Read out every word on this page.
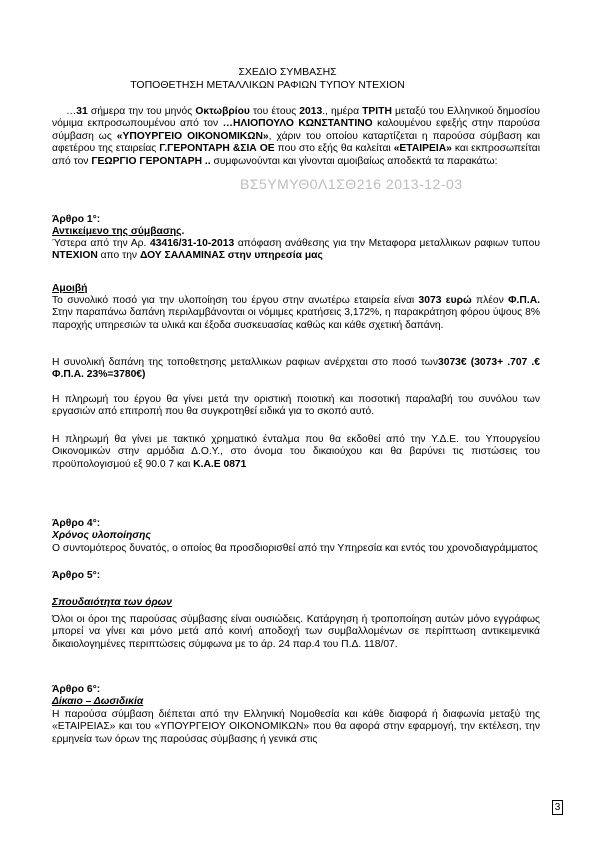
ΣΧΕΔΙΟ ΣΥΜΒΑΣΗΣ
ΤΟΠΟΘΕΤΗΣΗ ΜΕΤΑΛΛΙΚΩΝ ΡΑΦΙΩΝ ΤΥΠΟΥ ΝΤΕΧΙΟΝ
…31 σήμερα την του μηνός Οκτωβρίου του έτους 2013., ημέρα ΤΡΙΤΗ μεταξύ του Ελληνικού δημοσίου νόμιμα εκπροσωπουμένου από τον …ΗΛΙΟΠΟΥΛΟ ΚΩΝΣΤΑΝΤΙΝΟ καλουμένου εφεξής στην παρούσα σύμβαση ως «ΥΠΟΥΡΓΕΙΟ ΟΙΚΟΝΟΜΙΚΩΝ», χάριν του οποίου καταρτίζεται η παρούσα σύμβαση και αφετέρου της εταιρείας Γ.ΓΕΡΟΝΤΑΡΗ &ΣΙΑ ΟΕ που στο εξής θα καλείται «ΕΤΑΙΡΕΙΑ» και εκπροσωπείται από τον ΓΕΩΡΓΙΟ ΓΕΡΟΝΤΑΡΗ .. συμφωνούνται και γίνονται αμοιβαίως αποδεκτά τα παρακάτω:
ΒΣ5ΥΜΥΘ0Λ1ΣΘ216 2013-12-03
Άρθρο 1°:
Αντικείμενο της σύμβασης.
Ύστερα από την Αρ. 43416/31-10-2013 απόφαση ανάθεσης για την Μεταφορα μεταλλικων ραφιων τυπου ΝΤΕΧΙΟΝ απο την ΔΟΥ ΣΑΛΑΜΙΝΑΣ στην υπηρεσία μας
Αμοιβή
Το συνολικό ποσό για την υλοποίηση του έργου στην ανωτέρω εταιρεία είναι 3073 ευρώ πλέον Φ.Π.Α. Στην παραπάνω δαπάνη περιλαμβάνονται οι νόμιμες κρατήσεις 3,172%, η παρακράτηση φόρου ύψους 8% παροχής υπηρεσιών τα υλικά και έξοδα συσκευασίας καθώς και κάθε σχετική δαπάνη.
Η συνολική δαπάνη της τοποθετησης μεταλλικων ραφιων ανέρχεται στο ποσό των3073€ (3073+ .707 .€ Φ.Π.Α. 23%=3780€)
Η πληρωμή του έργου θα γίνει μετά την οριστική ποιοτική και ποσοτική παραλαβή του συνόλου των εργασιών από επιτροπή που θα συγκροτηθεί ειδικά για το σκοπό αυτό.
Η πληρωμή θα γίνει με τακτικό χρηματικό ένταλμα που θα εκδοθεί από την Υ.Δ.Ε. του Υπουργείου Οικονομικών στην αρμόδια Δ.Ο.Υ., στο όνομα του δικαιούχου και θα βαρύνει τις πιστώσεις του προϋπολογισμού εξ 90.0 7 και Κ.Α.Ε 0871
Άρθρο 4°:
Χρόνος υλοποίησης
Ο συντομότερος δυνατός, ο οποίος θα προσδιορισθεί από την Υπηρεσία και εντός του χρονοδιαγράμματος
Άρθρο 5°:
Σπουδαιότητα των όρων
Όλοι οι όροι της παρούσας σύμβασης είναι ουσιώδεις. Κατάργηση ή τροποποίηση αυτών μόνο εγγράφως μπορεί να γίνει και μόνο μετά από κοινή αποδοχή των συμβαλλομένων σε περίπτωση αντικειμενικά δικαιολογημένες περιπτώσεις σύμφωνα με το άρ. 24 παρ.4 του Π.Δ. 118/07.
Άρθρο 6°:
Δίκαιο – Δωσιδικία
Η παρούσα σύμβαση διέπεται από την Ελληνική Νομοθεσία και κάθε διαφορά ή διαφωνία μεταξύ της «ΕΤΑΙΡΕΙΑΣ» και του «ΥΠΟΥΡΓΕΙΟΥ ΟΙΚΟΝΟΜΙΚΩΝ» που θα αφορά στην εφαρμογή, την εκτέλεση, την ερμηνεία των όρων της παρούσας σύμβασης ή γενικά στις
3
